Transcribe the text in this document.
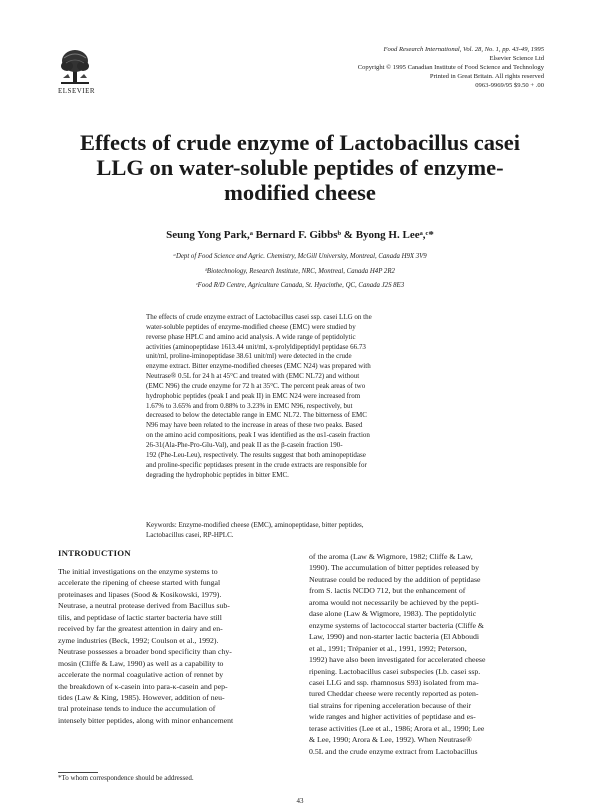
ELSEVIER
Food Research International, Vol. 28, No. 1, pp. 43-49, 1995
Elsevier Science Ltd
Copyright © 1995 Canadian Institute of Food Science and Technology
Printed in Great Britain. All rights reserved
0963-9969/95 $9.50 + .00
Effects of crude enzyme of Lactobacillus casei
LLG on water-soluble peptides of enzyme-
modified cheese
Seung Yong Park,ᵃ Bernard F. Gibbsᵇ & Byong H. Leeᵃ,ᶜ*
ᵃDept of Food Science and Agric. Chemistry, McGill University, Montreal, Canada H9X 3V9
ᵇBiotechnology, Research Institute, NRC, Montreal, Canada H4P 2R2
ᶜFood R/D Centre, Agriculture Canada, St. Hyacinthe, QC, Canada J2S 8E3
The effects of crude enzyme extract of Lactobacillus casei ssp. casei LLG on the
water-soluble peptides of enzyme-modified cheese (EMC) were studied by
reverse phase HPLC and amino acid analysis. A wide range of peptidolytic
activities (aminopeptidase 1613.44 unit/ml, x-prolyldipeptidyl peptidase 66.73
unit/ml, proline-iminopeptidase 38.61 unit/ml) were detected in the crude
enzyme extract. Bitter enzyme-modified cheeses (EMC N24) was prepared with
Neutrase® 0.5L for 24 h at 45°C and treated with (EMC NL72) and without
(EMC N96) the crude enzyme for 72 h at 35°C. The percent peak areas of two
hydrophobic peptides (peak I and peak II) in EMC N24 were increased from
1.67% to 3.65% and from 0.88% to 3.23% in EMC N96, respectively, but
decreased to below the detectable range in EMC NL72. The bitterness of EMC
N96 may have been related to the increase in areas of these two peaks. Based
on the amino acid compositions, peak I was identified as the αs1-casein fraction
26-31(Ala-Phe-Pro-Glu-Val), and peak II as the β-casein fraction 190-
192 (Phe-Leu-Leu), respectively. The results suggest that both aminopeptidase
and proline-specific peptidases present in the crude extracts are responsible for
degrading the hydrophobic peptides in bitter EMC.
Keywords: Enzyme-modified cheese (EMC), aminopeptidase, bitter peptides,
Lactobacillus casei, RP-HPLC.
INTRODUCTION
The initial investigations on the enzyme systems to
accelerate the ripening of cheese started with fungal
proteinases and lipases (Sood & Kosikowski, 1979).
Neutrase, a neutral protease derived from Bacillus sub-
tilis, and peptidase of lactic starter bacteria have still
received by far the greatest attention in dairy and en-
zyme industries (Beck, 1992; Coulson et al., 1992).
Neutrase possesses a broader bond specificity than chy-
mosin (Cliffe & Law, 1990) as well as a capability to
accelerate the normal coagulative action of rennet by
the breakdown of κ-casein into para-κ-casein and pep-
tides (Law & King, 1985). However, addition of neu-
tral proteinase tends to induce the accumulation of
intensely bitter peptides, along with minor enhancement
of the aroma (Law & Wigmore, 1982; Cliffe & Law,
1990). The accumulation of bitter peptides released by
Neutrase could be reduced by the addition of peptidase
from S. lactis NCDO 712, but the enhancement of
aroma would not necessarily be achieved by the pepti-
dase alone (Law & Wigmore, 1983). The peptidolytic
enzyme systems of lactococcal starter bacteria (Cliffe &
Law, 1990) and non-starter lactic bacteria (El Abboudi
et al., 1991; Trépanier et al., 1991, 1992; Peterson,
1992) have also been investigated for accelerated cheese
ripening. Lactobacillus casei subspecies (Lb. casei ssp.
casei LLG and ssp. rhamnosus S93) isolated from ma-
tured Cheddar cheese were recently reported as poten-
tial strains for ripening acceleration because of their
wide ranges and higher activities of peptidase and es-
terase activities (Lee et al., 1986; Arora et al., 1990; Lee
& Lee, 1990; Arora & Lee, 1992). When Neutrase®
0.5L and the crude enzyme extract from Lactobacillus
*To whom correspondence should be addressed.
43
